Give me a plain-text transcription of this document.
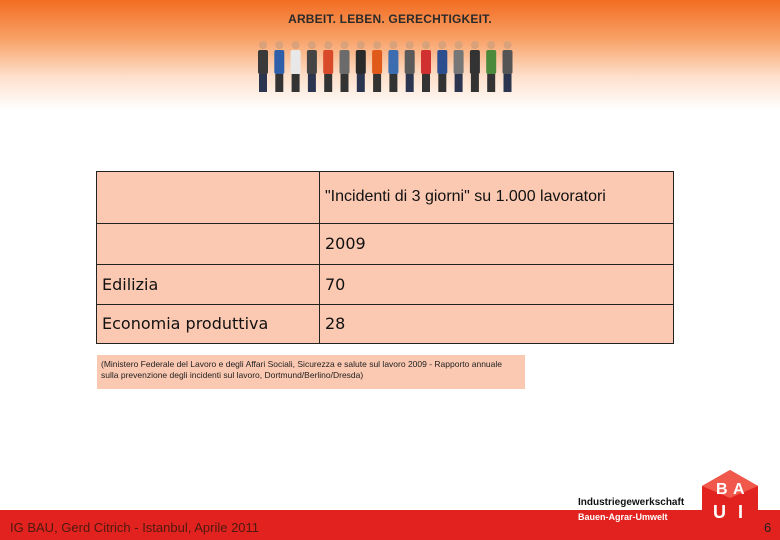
ARBEIT. LEBEN. GERECHTIGKEIT.
	"Incidenti di 3 giorni" su 1.000 lavoratori
	2009
Edilizia	70
Economia produttiva	28
(Ministero Federale del Lavoro e degli Affari Sociali, Sicurezza e salute sul lavoro 2009 - Rapporto annuale sulla prevenzione degli incidenti sul lavoro, Dortmund/Berlino/Dresda)
IG BAU, Gerd Citrich - Istanbul, Aprile 2011
Industriegewerkschaft
Bauen-Agrar-Umwelt
B A
U I
6
